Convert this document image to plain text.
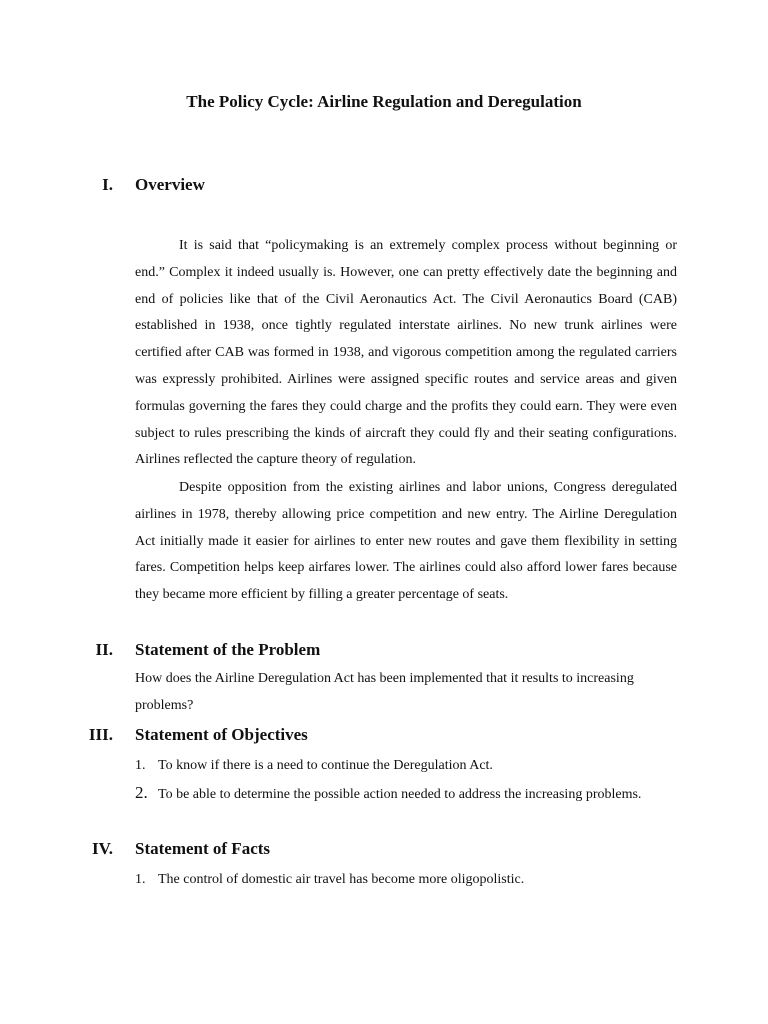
The Policy Cycle: Airline Regulation and Deregulation
I. Overview
It is said that “policymaking is an extremely complex process without beginning or end.” Complex it indeed usually is. However, one can pretty effectively date the beginning and end of policies like that of the Civil Aeronautics Act. The Civil Aeronautics Board (CAB) established in 1938, once tightly regulated interstate airlines. No new trunk airlines were certified after CAB was formed in 1938, and vigorous competition among the regulated carriers was expressly prohibited. Airlines were assigned specific routes and service areas and given formulas governing the fares they could charge and the profits they could earn. They were even subject to rules prescribing the kinds of aircraft they could fly and their seating configurations. Airlines reflected the capture theory of regulation.
Despite opposition from the existing airlines and labor unions, Congress deregulated airlines in 1978, thereby allowing price competition and new entry. The Airline Deregulation Act initially made it easier for airlines to enter new routes and gave them flexibility in setting fares. Competition helps keep airfares lower. The airlines could also afford lower fares because they became more efficient by filling a greater percentage of seats.
II. Statement of the Problem
How does the Airline Deregulation Act has been implemented that it results to increasing problems?
III. Statement of Objectives
1. To know if there is a need to continue the Deregulation Act.
2. To be able to determine the possible action needed to address the increasing problems.
IV. Statement of Facts
1. The control of domestic air travel has become more oligopolistic.
